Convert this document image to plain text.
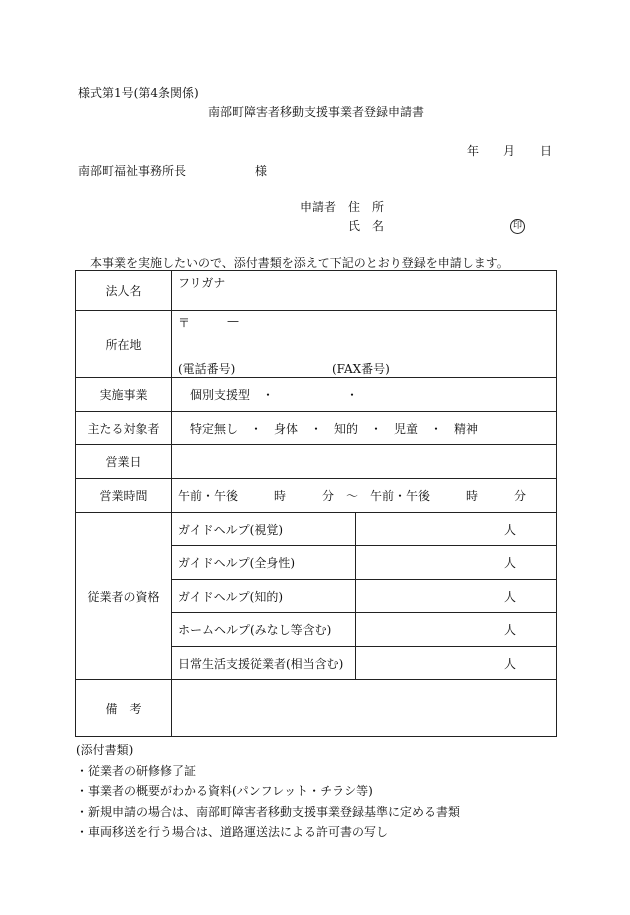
様式第1号(第4条関係)
南部町障害者移動支援事業者登録申請書
年 月 日
南部町福祉事務所長	様
申請者 住　所
氏　名	印
本事業を実施したいので、添付書類を添えて下記のとおり登録を申請します。
法人名	フリガナ	
所在地	〒 —
(電話番号) (FAX番号)	

実施事業	個別支援型　・　　　　　　・	
主たる対象者	特定無し　・　身体　・　知的　・　児童　・　精神	
営業日		
営業時間	午前・午後　　　時　　　分　～　午前・午後　　　時　　　分	
従業者の資格	ガイドヘルプ(視覚)	人
	ガイドヘルプ(全身性)	人
	ガイドヘルプ(知的)	人
	ホームヘルプ(みなし等含む)	人
	日常生活支援従業者(相当含む)	人
備　考		
(添付書類)
・従業者の研修修了証
・事業者の概要がわかる資料(パンフレット・チラシ等)
・新規申請の場合は、南部町障害者移動支援事業登録基準に定める書類
・車両移送を行う場合は、道路運送法による許可書の写し
